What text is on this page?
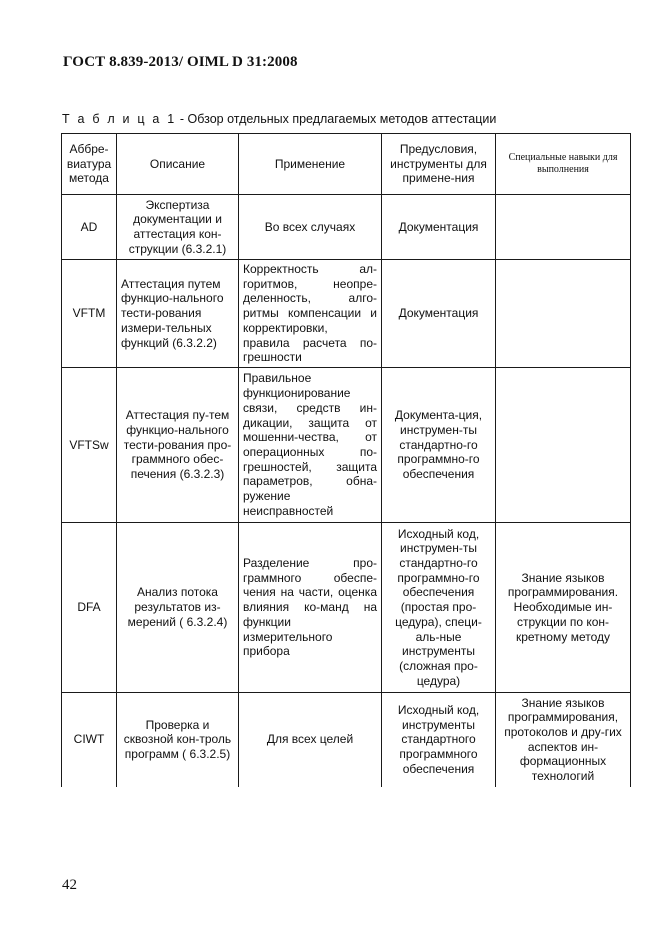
ГОСТ 8.839-2013/ OIML D 31:2008
Т а б л и ц а 1 - Обзор отдельных предлагаемых методов аттестации
Аббре-виатура метода	Описание	Применение	Предусловия, инструменты для примене-ния	Специальные навыки для выполнения
AD	Экспертиза документации и аттестация кон-струкции (6.3.2.1)	Во всех случаях	Документация	
VFTM	Аттестация путем функцио-нального тести-рования измери-тельных функций (6.3.2.2)	Корректность ал-горитмов, неопре-деленность, алго-ритмы компенсации и корректировки, правила расчета по-грешности	Документация	
VFTSw	Аттестация пу-тем функцио-нального тести-рования про-граммного обес-печения (6.3.2.3)	Правильное функционирование связи, средств ин-дикации, защита от мошенни-чества, от операционных по-грешностей, защита параметров, обна-ружение неисправностей	Документа-ция, инструмен-ты стандартно-го программно-го обеспечения	
DFA	Анализ потока результатов из-мерений ( 6.3.2.4)	Разделение про-граммного обеспе-чения на части, оценка влияния ко-манд на функции измерительного прибора	Исходный код, инструмен-ты стандартно-го программно-го обеспечения (простая про-цедура), специ-аль-ные инструменты (сложная про-цедура)	Знание языков программирования. Необходимые ин-струкции по кон-кретному методу
CIWT	Проверка и сквозной кон-троль программ ( 6.3.2.5)	Для всех целей	Исходный код, инструменты стандартного программного обеспечения	Знание языков программирования, протоколов и дру-гих аспектов ин-формационных технологий
42
